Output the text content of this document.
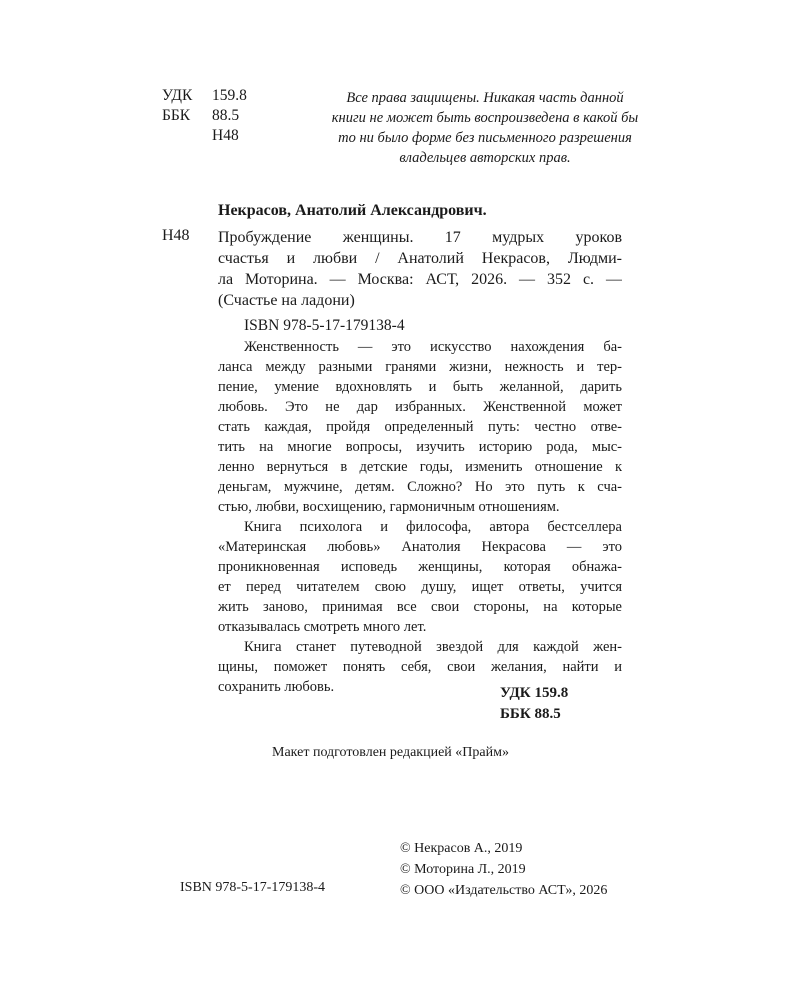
УДК	159.8
ББК	88.5
Н48
Все права защищены. Никакая часть данной
книги не может быть воспроизведена в какой бы
то ни было форме без письменного разрешения
владельцев авторских прав.
Некрасов, Анатолий Александрович.
Н48 Пробуждение женщины. 17 мудрых уроков
счастья и любви / Анатолий Некрасов, Людми-
ла Моторина. — Москва: АСТ, 2026. — 352 с. —
(Счастье на ладони)
ISBN 978-5-17-179138-4
Женственность — это искусство нахождения ба-
ланса между разными гранями жизни, нежность и тер-
пение, умение вдохновлять и быть желанной, дарить
любовь. Это не дар избранных. Женственной может
стать каждая, пройдя определенный путь: честно отве-
тить на многие вопросы, изучить историю рода, мыс-
ленно вернуться в детские годы, изменить отношение к
деньгам, мужчине, детям. Сложно? Но это путь к сча-
стью, любви, восхищению, гармоничным отношениям.
Книга психолога и философа, автора бестселлера
«Материнская любовь» Анатолия Некрасова — это
проникновенная исповедь женщины, которая обнажа-
ет перед читателем свою душу, ищет ответы, учится
жить заново, принимая все свои стороны, на которые
отказывалась смотреть много лет.
Книга станет путеводной звездой для каждой жен-
щины, поможет понять себя, свои желания, найти и
сохранить любовь.	УДК 159.8
ББК 88.5
Макет подготовлен редакцией «Прайм»
© Некрасов А., 2019
© Моторина Л., 2019
© ООО «Издательство АСТ», 2026
ISBN 978-5-17-179138-4
